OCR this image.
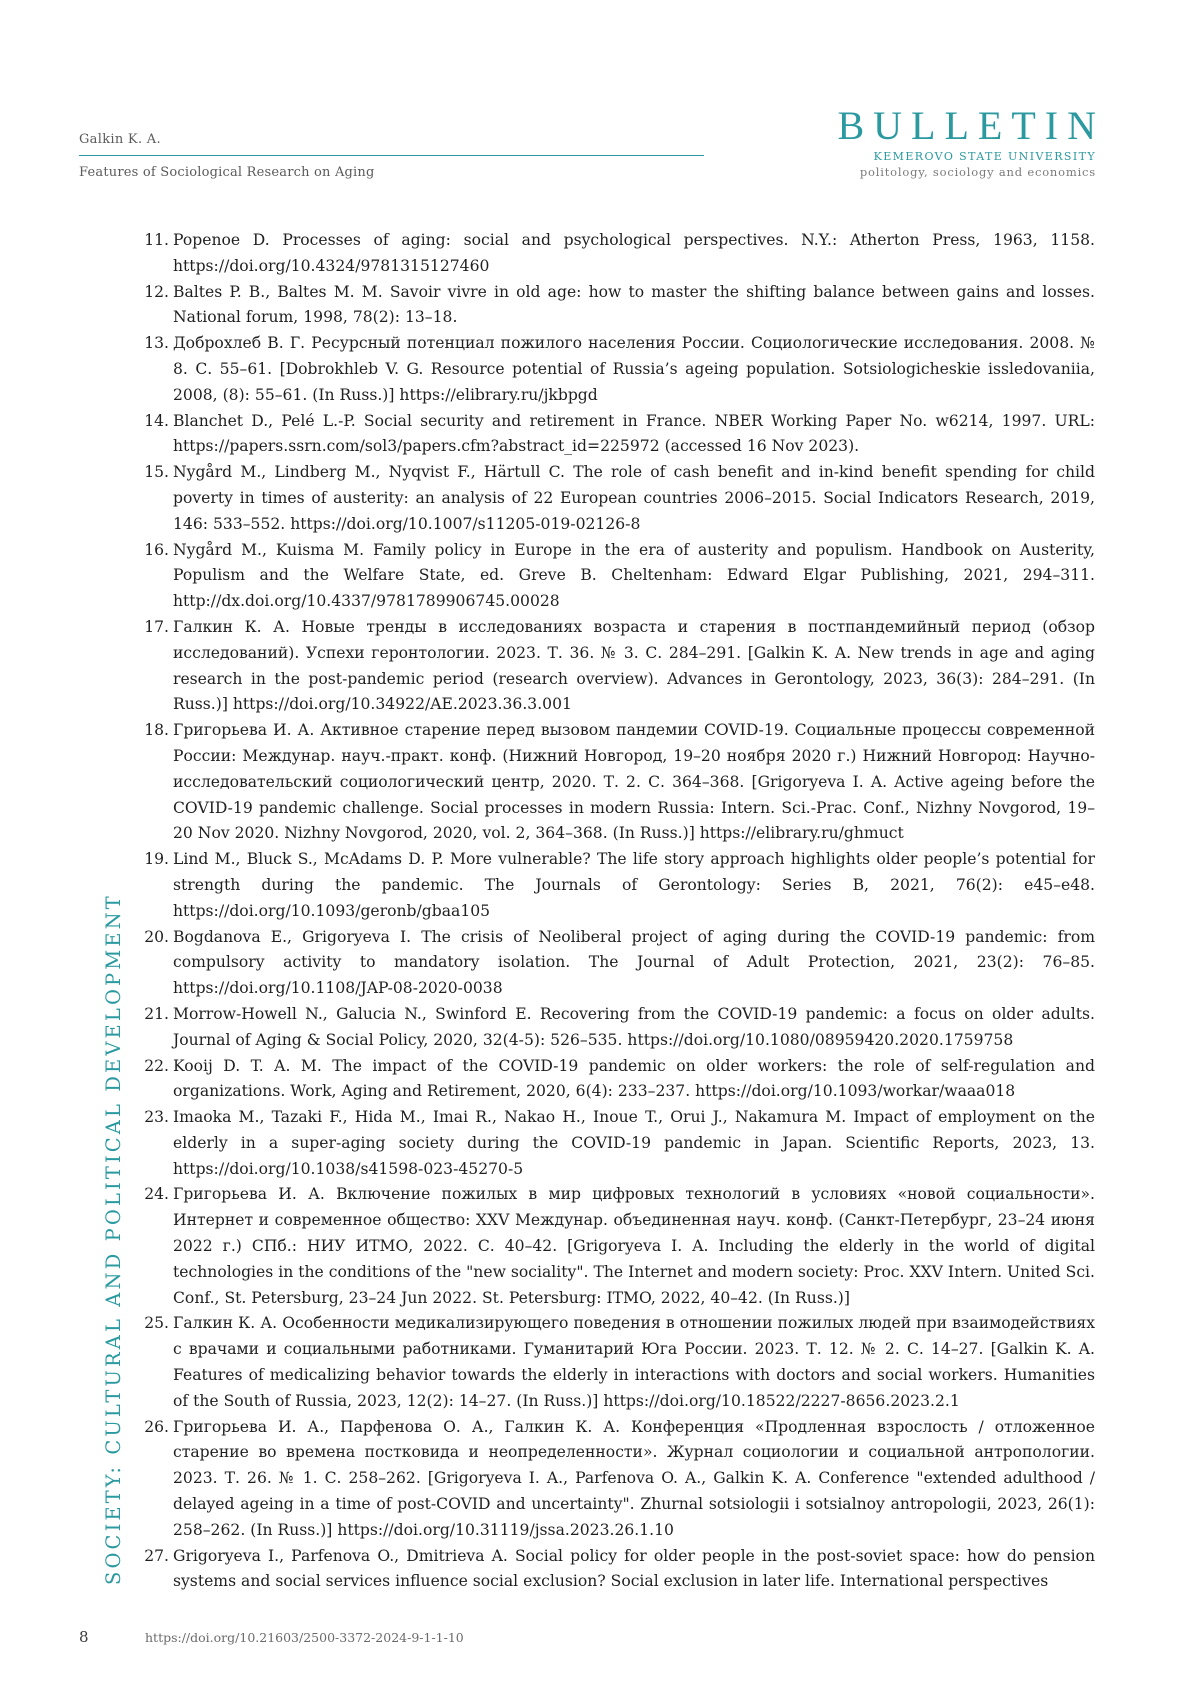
Galkin K. A.
Features of Sociological Research on Aging
BULLETIN
KEMEROVO STATE UNIVERSITY
politology, sociology and economics
SOCIETY: CULTURAL AND POLITICAL DEVELOPMENT
11. Popenoe D. Processes of aging: social and psychological perspectives. N.Y.: Atherton Press, 1963, 1158. https://doi.org/10.4324/9781315127460
12. Baltes P. B., Baltes M. M. Savoir vivre in old age: how to master the shifting balance between gains and losses. National forum, 1998, 78(2): 13–18.
13. Доброхлеб В. Г. Ресурсный потенциал пожилого населения России. Социологические исследования. 2008. № 8. С. 55–61. [Dobrokhleb V. G. Resource potential of Russia’s ageing population. Sotsiologicheskie issledovaniia, 2008, (8): 55–61. (In Russ.)] https://elibrary.ru/jkbpgd
14. Blanchet D., Pelé L.-P. Social security and retirement in France. NBER Working Paper No. w6214, 1997. URL: https://papers.ssrn.com/sol3/papers.cfm?abstract_id=225972 (accessed 16 Nov 2023).
15. Nygård M., Lindberg M., Nyqvist F., Härtull C. The role of cash benefit and in-kind benefit spending for child poverty in times of austerity: an analysis of 22 European countries 2006–2015. Social Indicators Research, 2019, 146: 533–552. https://doi.org/10.1007/s11205-019-02126-8
16. Nygård M., Kuisma M. Family policy in Europe in the era of austerity and populism. Handbook on Austerity, Populism and the Welfare State, ed. Greve B. Cheltenham: Edward Elgar Publishing, 2021, 294–311. http://dx.doi.org/10.4337/9781789906745.00028
17. Галкин К. А. Новые тренды в исследованиях возраста и старения в постпандемийный период (обзор исследований). Успехи геронтологии. 2023. Т. 36. № 3. С. 284–291. [Galkin K. A. New trends in age and aging research in the post-pandemic period (research overview). Advances in Gerontology, 2023, 36(3): 284–291. (In Russ.)] https://doi.org/10.34922/AE.2023.36.3.001
18. Григорьева И. А. Активное старение перед вызовом пандемии COVID-19. Социальные процессы современной России: Междунар. науч.-практ. конф. (Нижний Новгород, 19–20 ноября 2020 г.) Нижний Новгород: Научно-исследовательский социологический центр, 2020. Т. 2. С. 364–368. [Grigoryeva I. A. Active ageing before the COVID-19 pandemic challenge. Social processes in modern Russia: Intern. Sci.-Prac. Conf., Nizhny Novgorod, 19–20 Nov 2020. Nizhny Novgorod, 2020, vol. 2, 364–368. (In Russ.)] https://elibrary.ru/ghmuct
19. Lind M., Bluck S., McAdams D. P. More vulnerable? The life story approach highlights older people’s potential for strength during the pandemic. The Journals of Gerontology: Series B, 2021, 76(2): e45–e48. https://doi.org/10.1093/geronb/gbaa105
20. Bogdanova E., Grigoryeva I. The crisis of Neoliberal project of aging during the COVID-19 pandemic: from compulsory activity to mandatory isolation. The Journal of Adult Protection, 2021, 23(2): 76–85. https://doi.org/10.1108/JAP-08-2020-0038
21. Morrow-Howell N., Galucia N., Swinford E. Recovering from the COVID-19 pandemic: a focus on older adults. Journal of Aging & Social Policy, 2020, 32(4-5): 526–535. https://doi.org/10.1080/08959420.2020.1759758
22. Kooij D. T. A. M. The impact of the COVID-19 pandemic on older workers: the role of self-regulation and organizations. Work, Aging and Retirement, 2020, 6(4): 233–237. https://doi.org/10.1093/workar/waaa018
23. Imaoka M., Tazaki F., Hida M., Imai R., Nakao H., Inoue T., Orui J., Nakamura M. Impact of employment on the elderly in a super-aging society during the COVID-19 pandemic in Japan. Scientific Reports, 2023, 13. https://doi.org/10.1038/s41598-023-45270-5
24. Григорьева И. А. Включение пожилых в мир цифровых технологий в условиях «новой социальности». Интернет и современное общество: XXV Междунар. объединенная науч. конф. (Санкт-Петербург, 23–24 июня 2022 г.) СПб.: НИУ ИТМО, 2022. С. 40–42. [Grigoryeva I. A. Including the elderly in the world of digital technologies in the conditions of the "new sociality". The Internet and modern society: Proc. XXV Intern. United Sci. Conf., St. Petersburg, 23–24 Jun 2022. St. Petersburg: ITMO, 2022, 40–42. (In Russ.)]
25. Галкин К. А. Особенности медикализирующего поведения в отношении пожилых людей при взаимодействиях с врачами и социальными работниками. Гуманитарий Юга России. 2023. Т. 12. № 2. С. 14–27. [Galkin K. A. Features of medicalizing behavior towards the elderly in interactions with doctors and social workers. Humanities of the South of Russia, 2023, 12(2): 14–27. (In Russ.)] https://doi.org/10.18522/2227-8656.2023.2.1
26. Григорьева И. А., Парфенова О. А., Галкин К. А. Конференция «Продленная взрослость / отложенное старение во времена постковида и неопределенности». Журнал социологии и социальной антропологии. 2023. Т. 26. № 1. С. 258–262. [Grigoryeva I. A., Parfenova O. A., Galkin K. A. Conference "extended adulthood / delayed ageing in a time of post-COVID and uncertainty". Zhurnal sotsiologii i sotsialnoy antropologii, 2023, 26(1): 258–262. (In Russ.)] https://doi.org/10.31119/jssa.2023.26.1.10
27. Grigoryeva I., Parfenova O., Dmitrieva A. Social policy for older people in the post-soviet space: how do pension systems and social services influence social exclusion? Social exclusion in later life. International perspectives
8	https://doi.org/10.21603/2500-3372-2024-9-1-1-10
